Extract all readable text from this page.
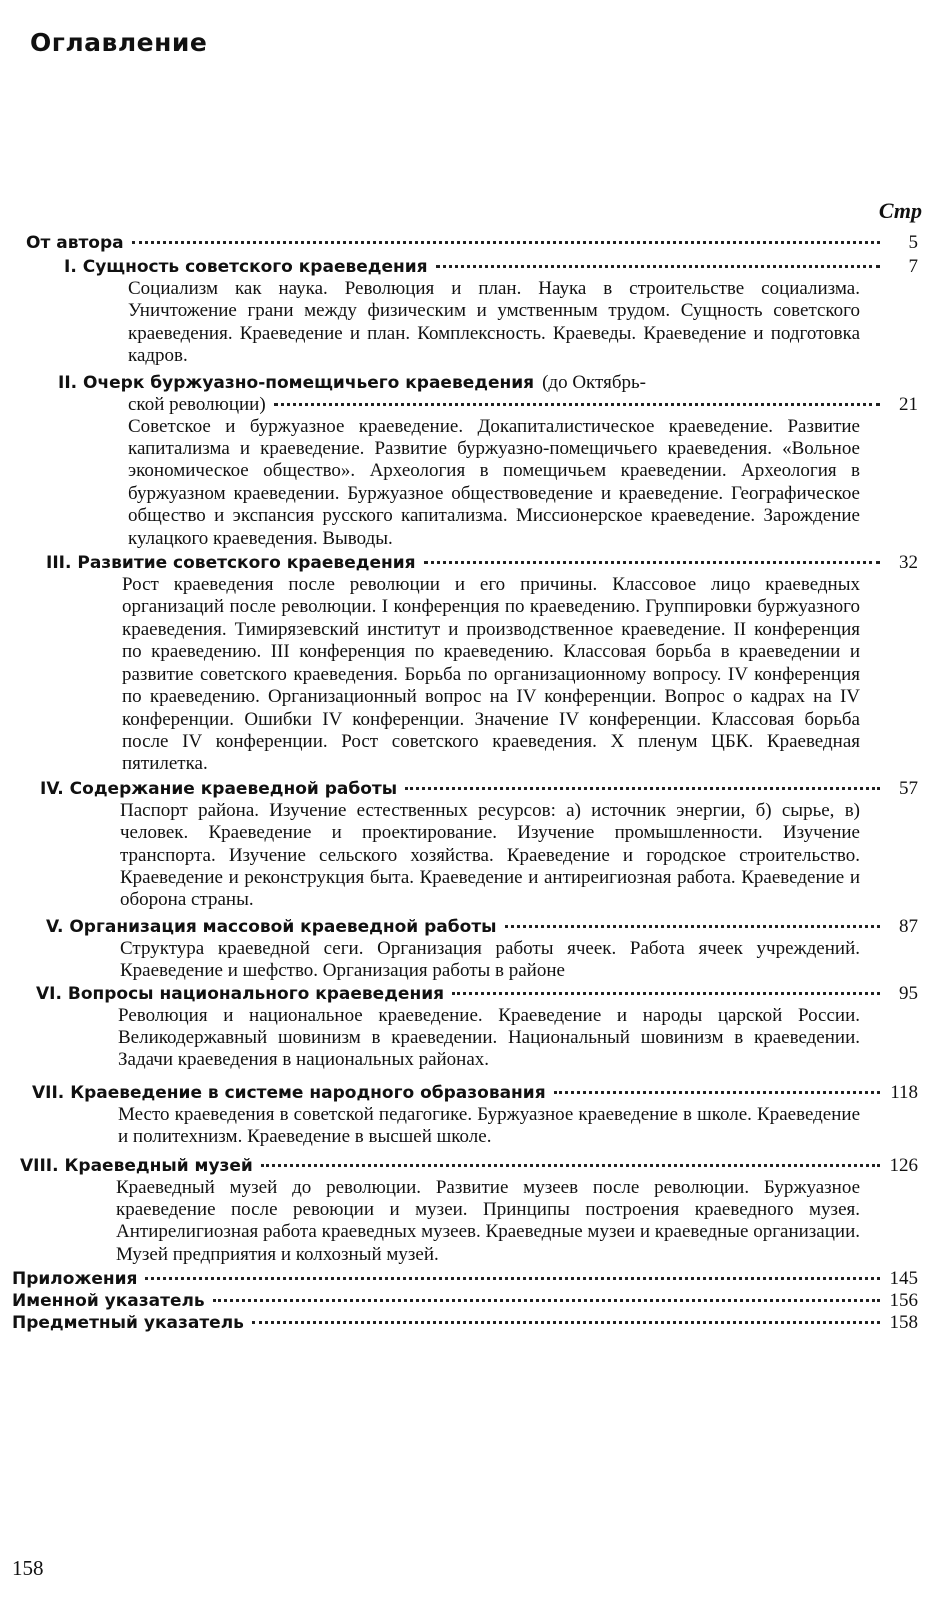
Оглавление
Стр
От автора	5
I. Сущность советского краеведения	7
Социализм как наука. Революция и план. Наука в строительстве социализма. Уничтожение грани между физическим и умственным трудом. Сущность советского краеведения. Краеведение и план. Комплексность. Краеведы. Краеведение и подготовка кадров.
II. Очерк буржуазно-помещичьего краеведения (до Октябрь-
ской революции)	21
Советское и буржуазное краеведение. Докапиталистическое краеведение. Развитие капитализма и краеведение. Развитие буржуазно-помещичьего краеведения. «Вольное экономическое общество». Археология в помещичьем краеведении. Археология в буржуазном краеведении. Буржуазное обществоведение и краеведение. Географическое общество и экспансия русского капитализма. Миссионерское краеведение. Зарождение кулацкого краеведения. Выводы.
III. Развитие советского краеведения	32
Рост краеведения после революции и его причины. Классовое лицо краеведных организаций после революции. I конференция по краеведению. Группировки буржуазного краеведения. Тимирязевский институт и производственное краеведение. II конференция по краеведению. III конференция по краеведению. Классовая борьба в краеведении и развитие советского краеведения. Борьба по организационному вопросу. IV конференция по краеведению. Организационный вопрос на IV конференции. Вопрос о кадрах на IV конференции. Ошибки IV конференции. Значение IV конференции. Классовая борьба после IV конференции. Рост советского краеведения. X пленум ЦБК. Краеведная пятилетка.
IV. Содержание краеведной работы	57
Паспорт района. Изучение естественных ресурсов: а) источник энергии, б) сырье, в) человек. Краеведение и проектирование. Изучение промышленности. Изучение транспорта. Изучение сельского хозяйства. Краеведение и городское строительство. Краеведение и реконструкция быта. Краеведение и антиреигиозная работа. Краеведение и оборона страны.
V. Организация массовой краеведной работы	87
Структура краеведной сеги. Организация работы ячеек. Работа ячеек учреждений. Краеведение и шефство. Организация работы в районе
VI. Вопросы национального краеведения	95
Революция и национальное краеведение. Краеведение и народы царской России. Великодержавный шовинизм в краеведении. Национальный шовинизм в краеведении. Задачи краеведения в национальных районах.
VII. Краеведение в системе народного образования	118
Место краеведения в советской педагогике. Буржуазное краеведение в школе. Краеведение и политехнизм. Краеведение в высшей школе.
VIII. Краеведный музей	126
Краеведный музей до революции. Развитие музеев после революции. Буржуазное краеведение после ревоюции и музеи. Принципы построения краеведного музея. Антирелигиозная работа краеведных музеев. Краеведные музеи и краеведные организации. Музей предприятия и колхозный музей.
Приложения	145
Именной указатель	156
Предметный указатель	158
158
